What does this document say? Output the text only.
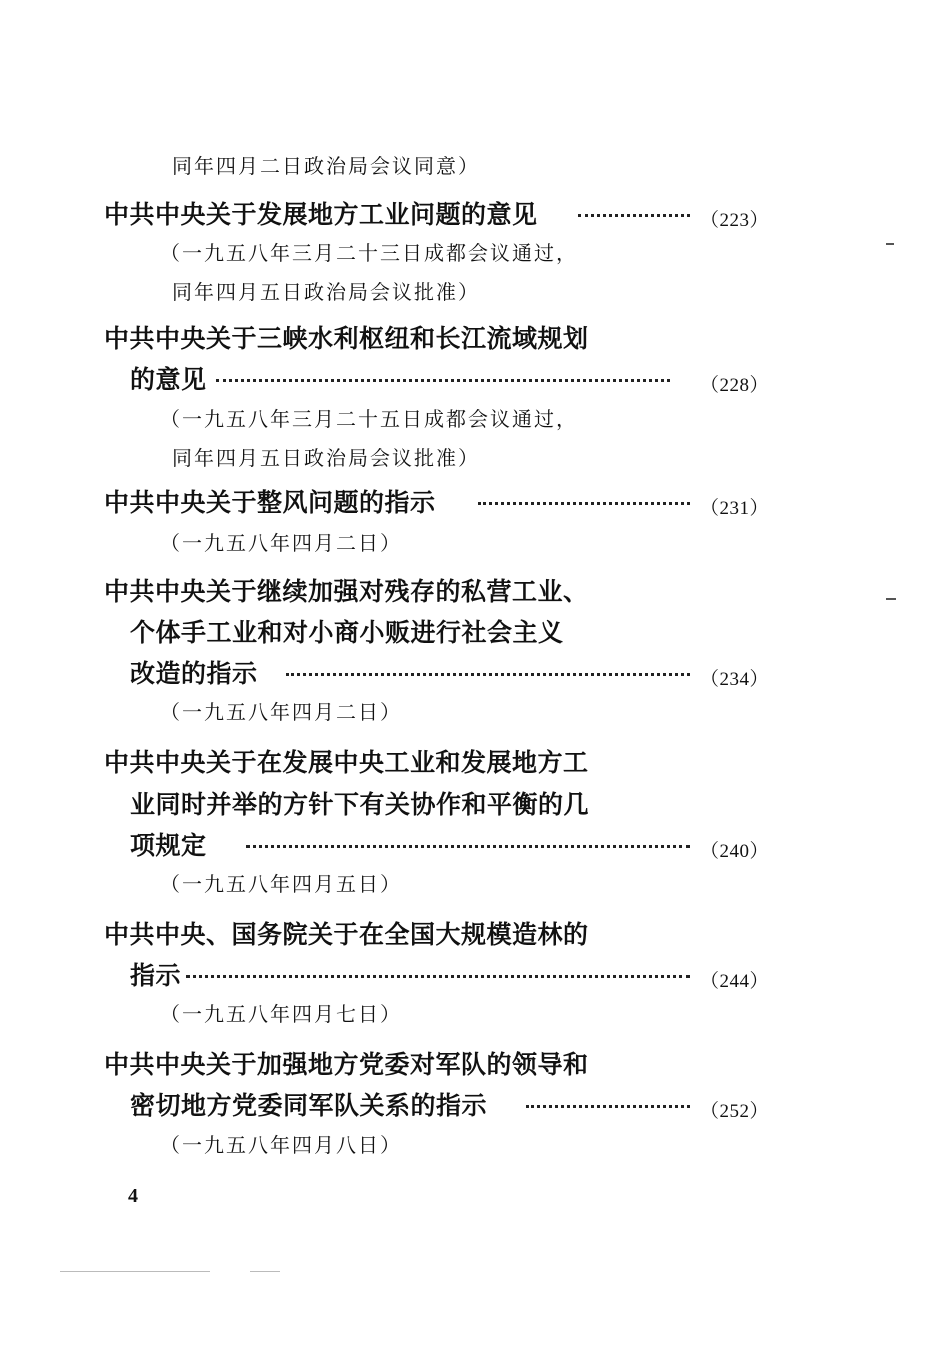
同年四月二日政治局会议同意）
中共中央关于发展地方工业问题的意见	（223）
（一九五八年三月二十三日成都会议通过，
同年四月五日政治局会议批准）
中共中央关于三峡水利枢纽和长江流域规划
的意见	（228）
（一九五八年三月二十五日成都会议通过，
同年四月五日政治局会议批准）
中共中央关于整风问题的指示	（231）
（一九五八年四月二日）
中共中央关于继续加强对残存的私营工业、
个体手工业和对小商小贩进行社会主义
改造的指示	（234）
（一九五八年四月二日）
中共中央关于在发展中央工业和发展地方工
业同时并举的方针下有关协作和平衡的几
项规定	（240）
（一九五八年四月五日）
中共中央、国务院关于在全国大规模造林的
指示	（244）
（一九五八年四月七日）
中共中央关于加强地方党委对军队的领导和
密切地方党委同军队关系的指示	（252）
（一九五八年四月八日）
4
